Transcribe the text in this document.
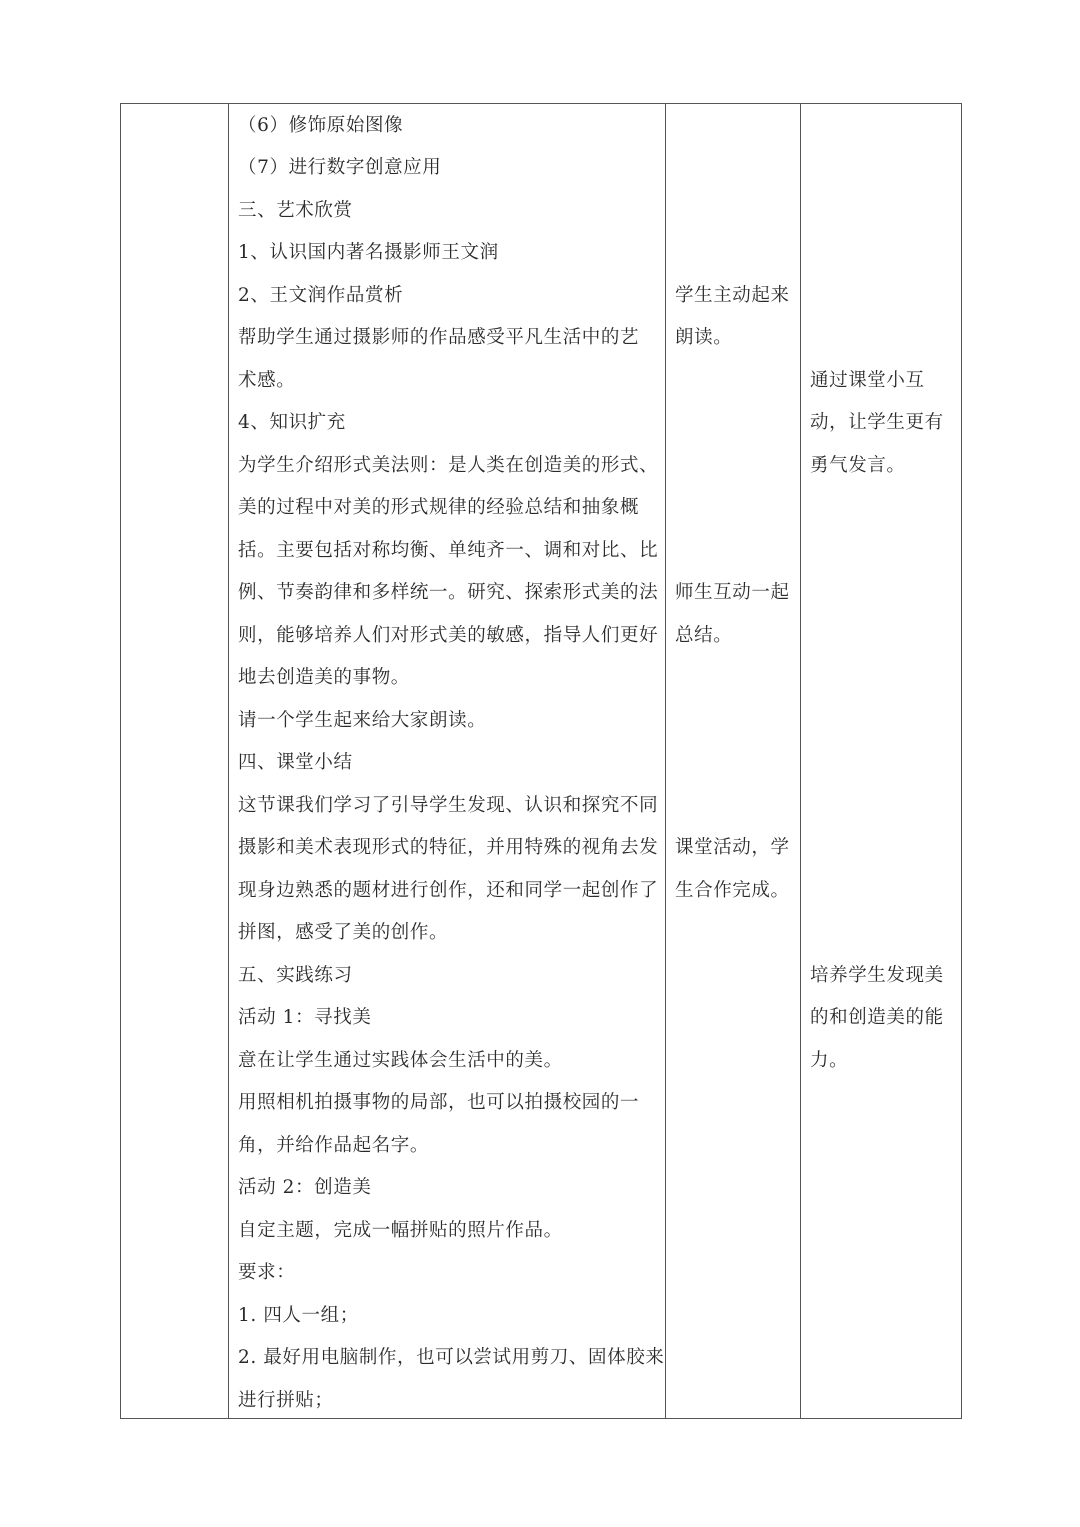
（6）修饰原始图像
（7）进行数字创意应用
三、艺术欣赏
1、认识国内著名摄影师王文润
2、王文润作品赏析
帮助学生通过摄影师的作品感受平凡生活中的艺
术感。
4、知识扩充
为学生介绍形式美法则：是人类在创造美的形式、
美的过程中对美的形式规律的经验总结和抽象概
括。主要包括对称均衡、单纯齐一、调和对比、比
例、节奏韵律和多样统一。研究、探索形式美的法
则，能够培养人们对形式美的敏感，指导人们更好
地去创造美的事物。
请一个学生起来给大家朗读。
四、课堂小结
这节课我们学习了引导学生发现、认识和探究不同
摄影和美术表现形式的特征，并用特殊的视角去发
现身边熟悉的题材进行创作，还和同学一起创作了
拼图，感受了美的创作。
五、实践练习
活动 1：寻找美
意在让学生通过实践体会生活中的美。
用照相机拍摄事物的局部，也可以拍摄校园的一
角，并给作品起名字。
活动 2：创造美
自定主题，完成一幅拼贴的照片作品。
要求：
1. 四人一组；
2. 最好用电脑制作，也可以尝试用剪刀、固体胶来
进行拼贴；
学生主动起来
朗读。
师生互动一起
总结。
课堂活动，学
生合作完成。
通过课堂小互
动，让学生更有
勇气发言。
培养学生发现美
的和创造美的能
力。
